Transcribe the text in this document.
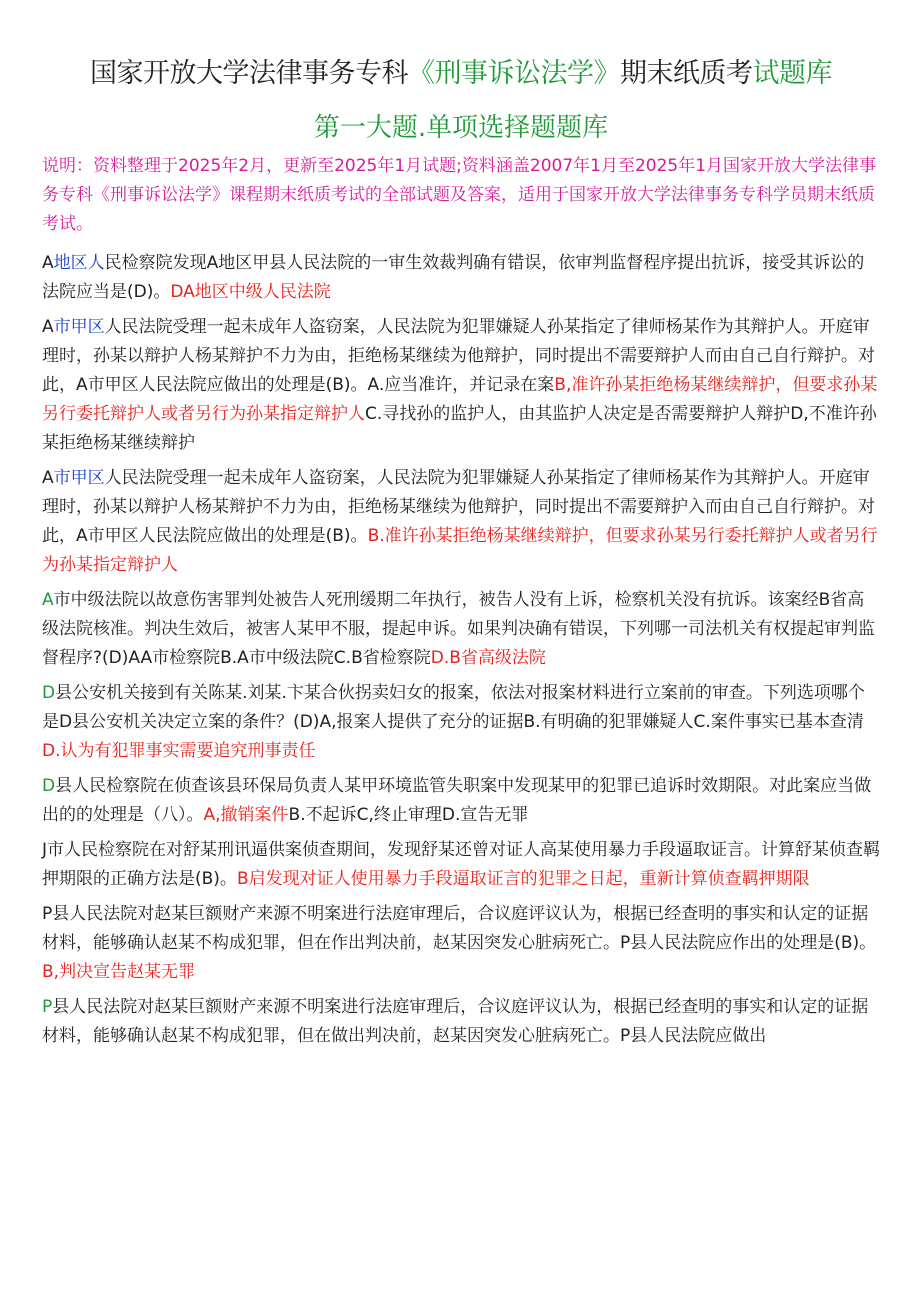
国家开放大学法律事务专科《刑事诉讼法学》期末纸质考试题库
第一大题.单项选择题题库

说明：资料整理于2025年2月，更新至2025年1月试题;资料涵盖2007年1月至2025年1月国家开放大学法律事务专科《刑事诉讼法学》课程期末纸质考试的全部试题及答案，适用于国家开放大学法律事务专科学员期末纸质考试。

A地区人民检察院发现A地区甲县人民法院的一审生效裁判确有错误，依审判监督程序提出抗诉，接受其诉讼的法院应当是(D)。DA地区中级人民法院

A市甲区人民法院受理一起未成年人盗窃案，人民法院为犯罪嫌疑人孙某指定了律师杨某作为其辩护人。开庭审理时，孙某以辩护人杨某辩护不力为由，拒绝杨某继续为他辩护，同时提出不需要辩护人而由自己自行辩护。对此，A市甲区人民法院应做出的处理是(B)。A.应当准许，并记录在案B,准许孙某拒绝杨某继续辩护，但要求孙某另行委托辩护人或者另行为孙某指定辩护人C.寻找孙的监护人，由其监护人决定是否需要辩护人辩护D,不准许孙某拒绝杨某继续辩护

A市甲区人民法院受理一起未成年人盗窃案，人民法院为犯罪嫌疑人孙某指定了律师杨某作为其辩护人。开庭审理时，孙某以辩护人杨某辩护不力为由，拒绝杨某继续为他辩护，同时提出不需要辩护入而由自己自行辩护。对此，A市甲区人民法院应做出的处理是(B)。B.准许孙某拒绝杨某继续辩护，但要求孙某另行委托辩护人或者另行为孙某指定辩护人

A市中级法院以故意伤害罪判处被告人死刑缓期二年执行，被告人没有上诉，检察机关没有抗诉。该案经B省高级法院核准。判决生效后，被害人某甲不服，提起申诉。如果判决确有错误，下列哪一司法机关有权提起审判监督程序?(D)AA市检察院B.A市中级法院C.B省检察院D.B省高级法院

D县公安机关接到有关陈某.刘某.卞某合伙拐卖妇女的报案，依法对报案材料进行立案前的审查。下列选项哪个是D县公安机关决定立案的条件？(D)A,报案人提供了充分的证据B.有明确的犯罪嫌疑人C.案件事实已基本查清D.认为有犯罪事实需要追究刑事责任

D县人民检察院在侦查该县环保局负责人某甲环境监管失职案中发现某甲的犯罪已追诉时效期限。对此案应当做出的的处理是（八）。A,撤销案件B.不起诉C,终止审理D.宣告无罪

J市人民检察院在对舒某刑讯逼供案侦查期间，发现舒某还曾对证人高某使用暴力手段逼取证言。计算舒某侦查羁押期限的正确方法是(B)。B启发现对证人使用暴力手段逼取证言的犯罪之日起，重新计算侦查羁押期限

P县人民法院对赵某巨额财产来源不明案进行法庭审理后，合议庭评议认为，根据已经查明的事实和认定的证据材料，能够确认赵某不构成犯罪，但在作出判决前，赵某因突发心脏病死亡。P县人民法院应作出的处理是(B)。B,判决宣告赵某无罪

P县人民法院对赵某巨额财产来源不明案进行法庭审理后，合议庭评议认为，根据已经查明的事实和认定的证据材料，能够确认赵某不构成犯罪，但在做出判决前，赵某因突发心脏病死亡。P县人民法院应做出
